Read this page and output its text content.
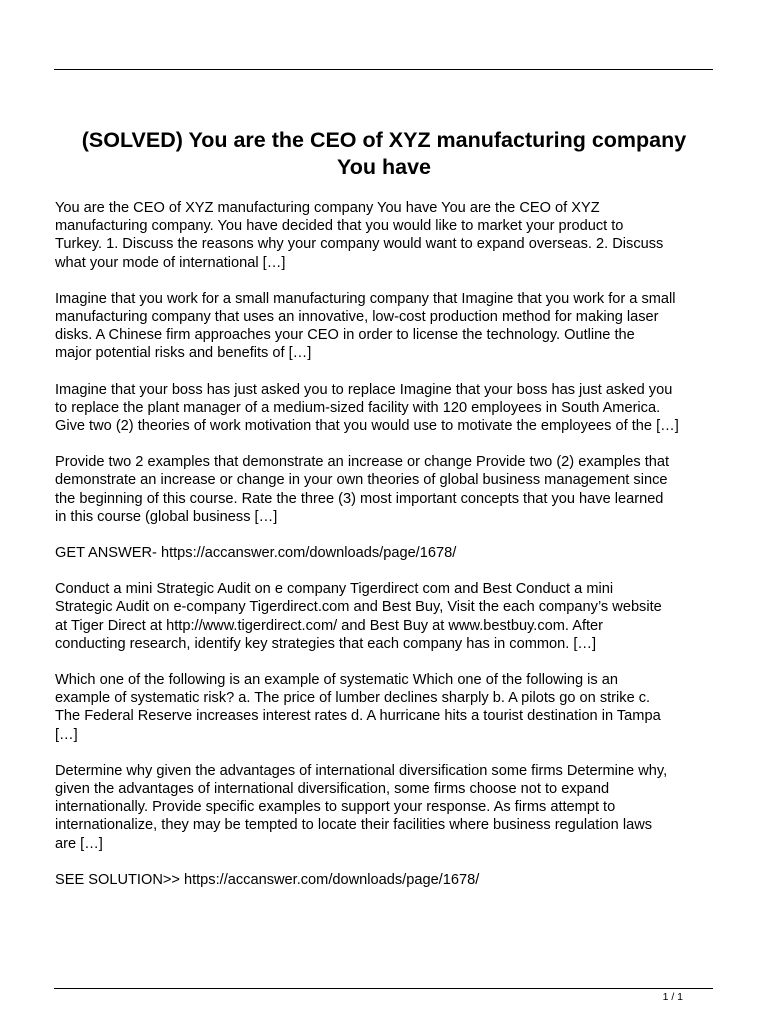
(SOLVED) You are the CEO of XYZ manufacturing company
You have

You are the CEO of XYZ manufacturing company You have You are the CEO of XYZ
manufacturing company. You have decided that you would like to market your product to
Turkey. 1. Discuss the reasons why your company would want to expand overseas. 2. Discuss
what your mode of international […]

Imagine that you work for a small manufacturing company that Imagine that you work for a small
manufacturing company that uses an innovative, low-cost production method for making laser
disks. A Chinese firm approaches your CEO in order to license the technology. Outline the
major potential risks and benefits of […]

Imagine that your boss has just asked you to replace Imagine that your boss has just asked you
to replace the plant manager of a medium-sized facility with 120 employees in South America.
Give two (2) theories of work motivation that you would use to motivate the employees of the […]

Provide two 2 examples that demonstrate an increase or change Provide two (2) examples that
demonstrate an increase or change in your own theories of global business management since
the beginning of this course. Rate the three (3) most important concepts that you have learned
in this course (global business […]

GET ANSWER- https://accanswer.com/downloads/page/1678/

Conduct a mini Strategic Audit on e company Tigerdirect com and Best Conduct a mini
Strategic Audit on e-company Tigerdirect.com and Best Buy, Visit the each company’s website
at Tiger Direct at http://www.tigerdirect.com/ and Best Buy at www.bestbuy.com. After
conducting research, identify key strategies that each company has in common. […]

Which one of the following is an example of systematic Which one of the following is an
example of systematic risk? a. The price of lumber declines sharply b. A pilots go on strike c.
The Federal Reserve increases interest rates d. A hurricane hits a tourist destination in Tampa
[…]

Determine why given the advantages of international diversification some firms Determine why,
given the advantages of international diversification, some firms choose not to expand
internationally. Provide specific examples to support your response. As firms attempt to
internationalize, they may be tempted to locate their facilities where business regulation laws
are […]

SEE SOLUTION>> https://accanswer.com/downloads/page/1678/

1 / 1
